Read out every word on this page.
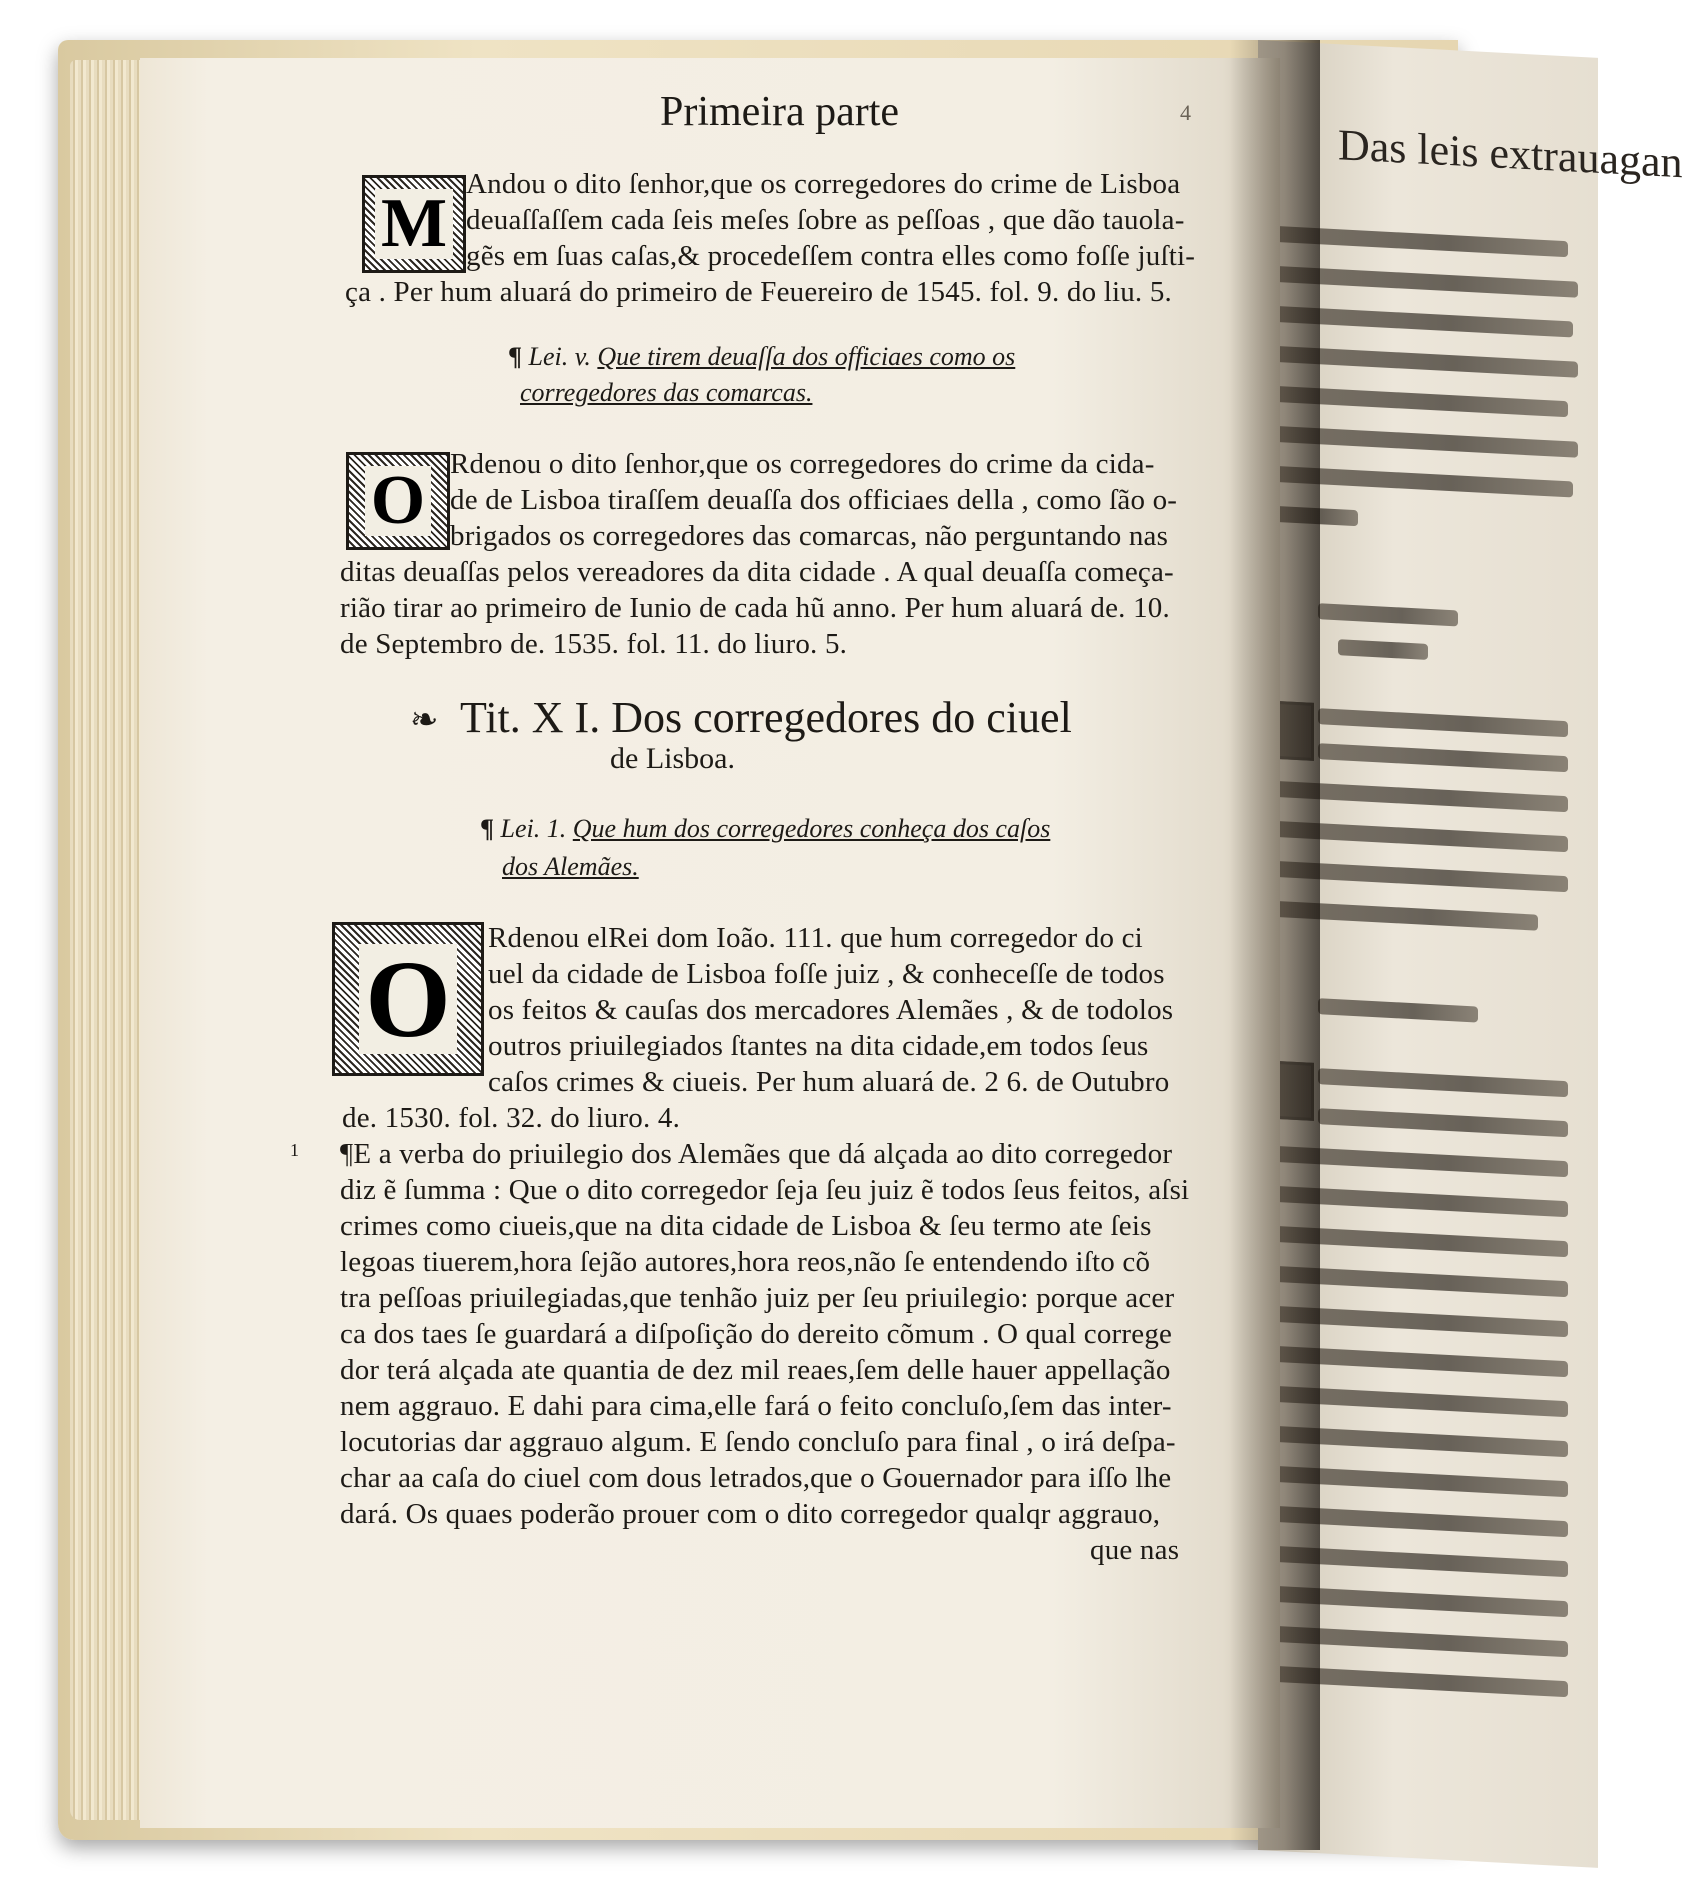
Das leis extrauagan
Primeira parte	4
M
Andou o dito ſenhor,que os corregedores do crime de Lisboa
deuaſſaſſem cada ſeis meſes ſobre as peſſoas , que dão tauola-
gẽs em ſuas caſas,& procedeſſem contra elles como foſſe juſti-
ça . Per hum aluará do primeiro de Feuereiro de 1545. fol. 9. do liu. 5.
¶ Lei. v. Que tirem deuaſſa dos officiaes como os
corregedores das comarcas.
O Rdenou o dito ſenhor,que os corregedores do crime da cida-
de de Lisboa tiraſſem deuaſſa dos officiaes della , como ſão o-
brigados os corregedores das comarcas, não perguntando nas
ditas deuaſſas pelos vereadores da dita cidade . A qual deuaſſa começa-
rião tirar ao primeiro de Iunio de cada hũ anno. Per hum aluará de. 10.
de Septembro de. 1535. fol. 11. do liuro. 5.
❧ Tit. X I. Dos corregedores do ciuel
de Lisboa.
¶ Lei. 1. Que hum dos corregedores conheça dos caſos
dos Alemães.
O Rdenou elRei dom Ioão. 111. que hum corregedor do ci
uel da cidade de Lisboa foſſe juiz , & conheceſſe de todos
os feitos & cauſas dos mercadores Alemães , & de todolos
outros priuilegiados ſtantes na dita cidade,em todos ſeus
caſos crimes & ciueis. Per hum aluará de. 2 6. de Outubro
de. 1530. fol. 32. do liuro. 4.
1 ¶E a verba do priuilegio dos Alemães que dá alçada ao dito corregedor
diz ẽ ſumma : Que o dito corregedor ſeja ſeu juiz ẽ todos ſeus feitos, aſsi
crimes como ciueis,que na dita cidade de Lisboa & ſeu termo ate ſeis
legoas tiuerem,hora ſejão autores,hora reos,não ſe entendendo iſto cõ
tra peſſoas priuilegiadas,que tenhão juiz per ſeu priuilegio: porque acer
ca dos taes ſe guardará a diſpoſição do dereito cõmum . O qual correge
dor terá alçada ate quantia de dez mil reaes,ſem delle hauer appellação
nem aggrauo. E dahi para cima,elle fará o feito concluſo,ſem das inter-
locutorias dar aggrauo algum. E ſendo concluſo para final , o irá deſpa-
char aa caſa do ciuel com dous letrados,que o Gouernador para iſſo lhe
dará. Os quaes poderão prouer com o dito corregedor qualqr aggrauo,
que nas
